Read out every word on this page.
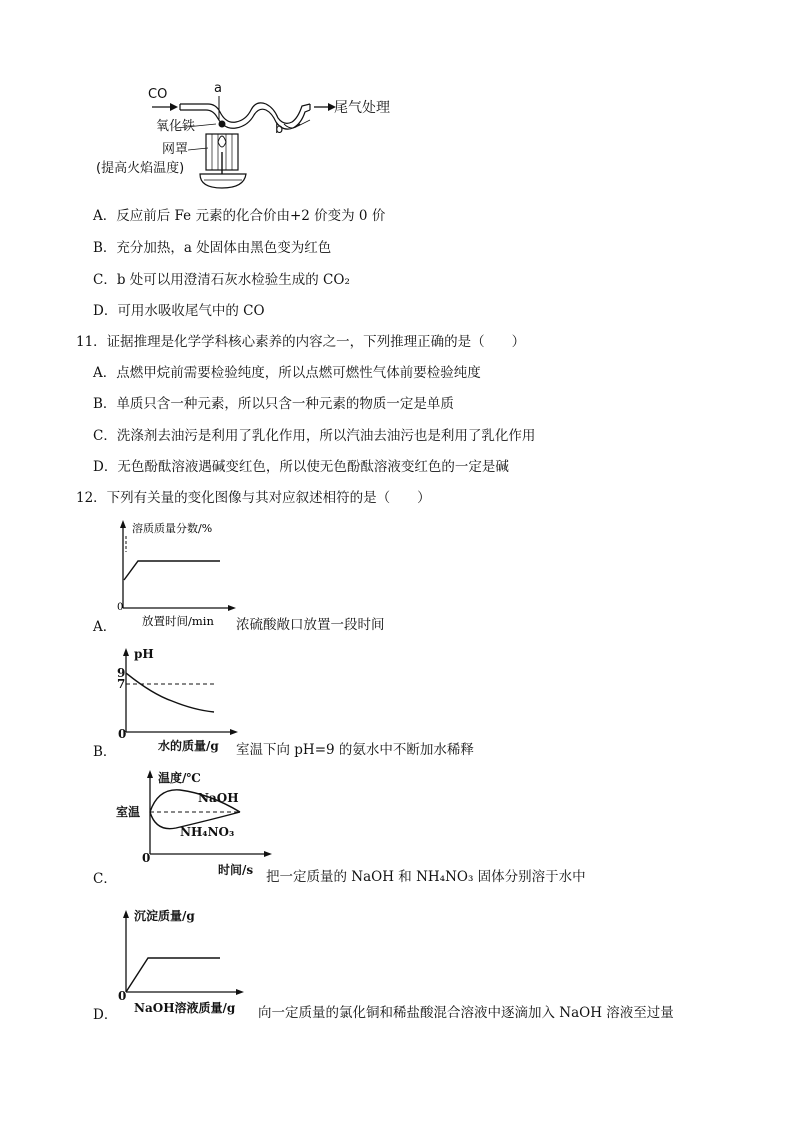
CO	a
b
尾气处理
氧化铁
网罩
(提高火焰温度)
A．反应前后 Fe 元素的化合价由+2 价变为 0 价
B．充分加热，a 处固体由黑色变为红色
C．b 处可以用澄清石灰水检验生成的 CO₂
D．可用水吸收尾气中的 CO
11．证据推理是化学学科核心素养的内容之一，下列推理正确的是（　　）
A．点燃甲烷前需要检验纯度，所以点燃可燃性气体前要检验纯度
B．单质只含一种元素，所以只含一种元素的物质一定是单质
C．洗涤剂去油污是利用了乳化作用，所以汽油去油污也是利用了乳化作用
D．无色酚酞溶液遇碱变红色，所以使无色酚酞溶液变红色的一定是碱
12．下列有关量的变化图像与其对应叙述相符的是（　　）
溶质质量分数/%
0
放置时间/min
A．	浓硫酸敞口放置一段时间
pH
9
7
0
水的质量/g
B．	室温下向 pH=9 的氨水中不断加水稀释
温度/℃
室温
NaOH
NH₄NO₃
0
时间/s
C．	把一定质量的 NaOH 和 NH₄NO₃ 固体分别溶于水中
沉淀质量/g
0
NaOH溶液质量/g
D．	向一定质量的氯化铜和稀盐酸混合溶液中逐滴加入 NaOH 溶液至过量
